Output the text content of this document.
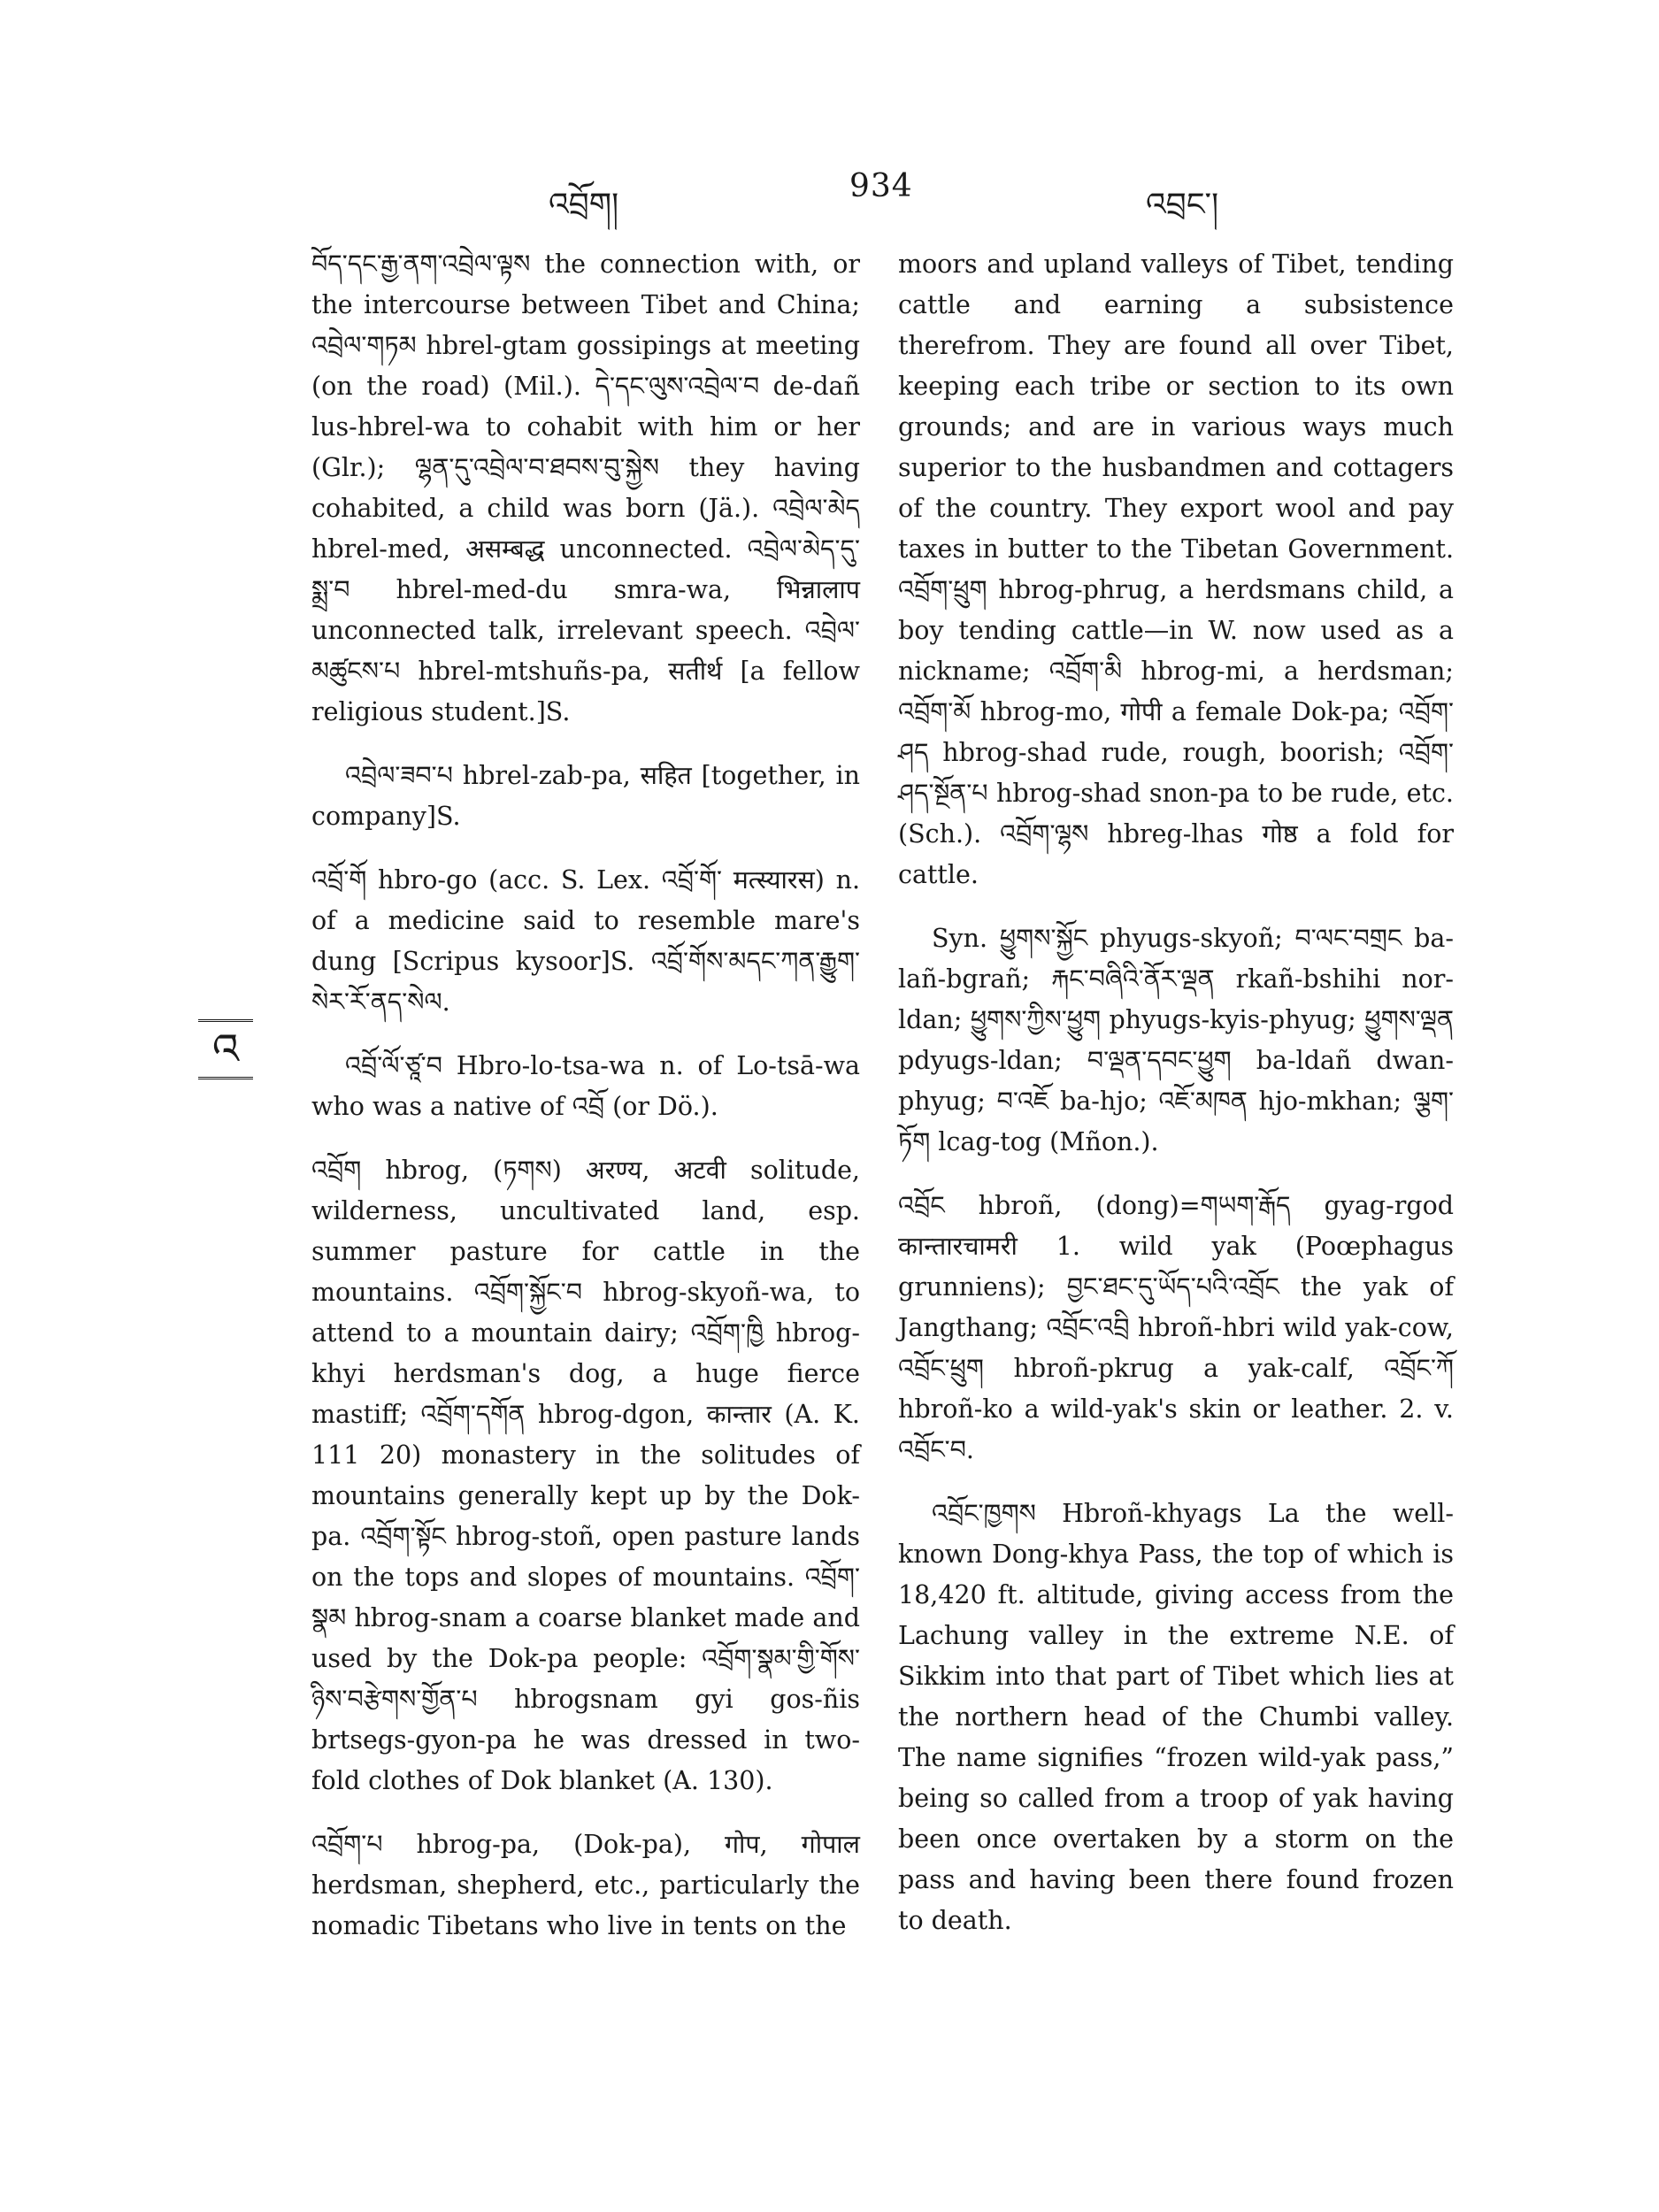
འབྲོག།
934
འབྲང་།
འ

བོད་དང་རྒྱ་ནག་འབྲེལ་ལྟས the connection with, or the intercourse between Tibet and China; འབྲེལ་གཏམ hbrel-gtam gossipings at meeting (on the road) (Mil.). དེ་དང་ལུས་འབྲེལ་བ de-dañ lus-hbrel-wa to cohabit with him or her (Glr.); ལྷན་དུ་འབྲེལ་བ་ཐབས་བུ་སྐྱེས they having cohabited, a child was born (Jä.). འབྲེལ་མེད hbrel-med, असम्बद्ध unconnected. འབྲེལ་མེད་དུ་སྨྲ་བ hbrel-med-du smra-wa, भिन्नालाप unconnected talk, irrelevant speech. འབྲེལ་མཚུངས་པ hbrel-mtshuñs-pa, सतीर्थ [a fellow religious student.]S.

འབྲེལ་ཟབ་པ hbrel-zab-pa, सहित [together, in company]S.

འབྲོ་གོ hbro-go (acc. S. Lex. འབྲོ་གོ་ मत्स्यारस) n. of a medicine said to resemble mare's dung [Scripus kysoor]S. འབྲོ་གོས་མདང་ཀན་རྒྱུག་སེར་རོ་ནད་སེལ.

འབྲོ་ལོ་ཙཱ་བ Hbro-lo-tsa-wa n. of Lo-tsā-wa who was a native of འབྲོ (or Dö.).

འབྲོག hbrog, (ཏགས) अरण्य, अटवी solitude, wilderness, uncultivated land, esp. summer pasture for cattle in the mountains. འབྲོག་སྐྱོང་བ hbrog-skyoñ-wa, to attend to a mountain dairy; འབྲོག་ཁྱི hbrog-khyi herdsman's dog, a huge fierce mastiff; འབྲོག་དགོན hbrog-dgon, कान्तार (A. K. 111 20) monastery in the solitudes of mountains generally kept up by the Dok-pa. འབྲོག་སྟོང hbrog-stoñ, open pasture lands on the tops and slopes of mountains. འབྲོག་སྣམ hbrog-snam a coarse blanket made and used by the Dok-pa people: འབྲོག་སྣམ་གྱི་གོས་ཉིས་བརྩེགས་གྱོན་པ hbrogsnam gyi gos-ñis brtsegs-gyon-pa he was dressed in two-fold clothes of Dok blanket (A. 130).

འབྲོག་པ hbrog-pa, (Dok-pa), गोप, गोपाल herdsman, shepherd, etc., particularly the nomadic Tibetans who live in tents on the

moors and upland valleys of Tibet, tending cattle and earning a subsistence therefrom. They are found all over Tibet, keeping each tribe or section to its own grounds; and are in various ways much superior to the husbandmen and cottagers of the country. They export wool and pay taxes in butter to the Tibetan Government. འབྲོག་ཕྲུག hbrog-phrug, a herdsmans child, a boy tending cattle—in W. now used as a nickname; འབྲོག་མི hbrog-mi, a herdsman; འབྲོག་མོ hbrog-mo, गोपी a female Dok-pa; འབྲོག་ཤད hbrog-shad rude, rough, boorish; འབྲོག་ཤད་སྔོན་པ hbrog-shad snon-pa to be rude, etc. (Sch.). འབྲོག་ལྷས hbreg-lhas गोष्ठ a fold for cattle.

Syn. ཕྱུགས་སྐྱོང phyugs-skyoñ; བ་ལང་བགྲང ba-lañ-bgrañ; རྐང་བཞིའི་ནོར་ལྡན rkañ-bshihi nor-ldan; ཕྱུགས་ཀྱིས་ཕྱུག phyugs-kyis-phyug; ཕྱུགས་ལྡན pdyugs-ldan; བ་ལྡན་དབང་ཕྱུག ba-ldañ dwan-phyug; བ་འཇོ ba-hjo; འཇོ་མཁན hjo-mkhan; ལྕག་ཏོག lcag-tog (Mñon.).

འབྲོང hbroñ, (dong)=གཡག་རྒོད gyag-rgod कान्तारचामरी 1. wild yak (Poœphagus grunniens); བྱང་ཐང་དུ་ཡོད་པའི་འབྲོང the yak of Jangthang; འབྲོང་འབྲི hbroñ-hbri wild yak-cow, འབྲོང་ཕྲུག hbroñ-pkrug a yak-calf, འབྲོང་ཀོ hbroñ-ko a wild-yak's skin or leather. 2. v. འབྲོང་བ.

འབྲོང་ཁྱགས Hbroñ-khyags La the well-known Dong-khya Pass, the top of which is 18,420 ft. altitude, giving access from the Lachung valley in the extreme N.E. of Sikkim into that part of Tibet which lies at the northern head of the Chumbi valley. The name signifies “frozen wild-yak pass,” being so called from a troop of yak having been once overtaken by a storm on the pass and having been there found frozen to death.
